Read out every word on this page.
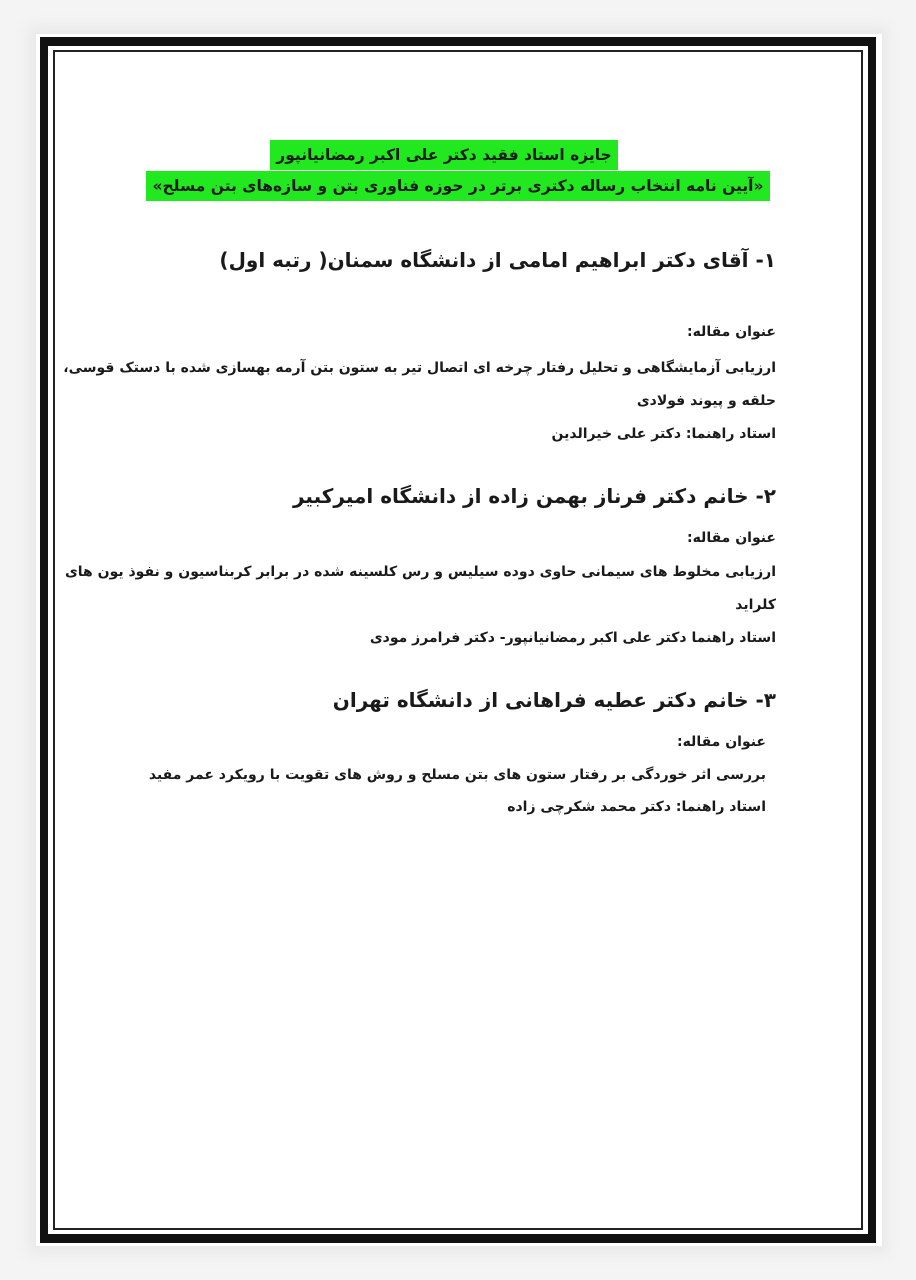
جایزه استاد فقید دکتر علی اکبر رمضانیانپور
«آیین نامه انتخاب رساله دکتری برتر در حوزه فناوری بتن و سازه‌های بتن مسلح»
۱- آقای دکتر ابراهیم امامی از دانشگاه سمنان( رتبه اول)
عنوان مقاله:
ارزیابی آزمایشگاهی و تحلیل رفتار چرخه ای اتصال تیر به ستون بتن آرمه بهسازی شده با دستک قوسی،
حلقه و پیوند فولادی
استاد راهنما: دکتر علی خیرالدین
۲- خانم دکتر فرناز بهمن زاده از دانشگاه امیرکبیر
عنوان مقاله:
ارزیابی مخلوط های سیمانی حاوی دوده سیلیس و رس کلسینه شده در برابر کربناسیون و نفوذ یون های
کلراید
استاد راهنما دکتر علی اکبر رمضانیانپور- دکتر فرامرز مودی
۳- خانم دکتر عطیه فراهانی از دانشگاه تهران
عنوان مقاله:
بررسی اثر خوردگی بر رفتار ستون های بتن مسلح و روش های تقویت با رویکرد عمر مفید
استاد راهنما: دکتر محمد شکرچی زاده
